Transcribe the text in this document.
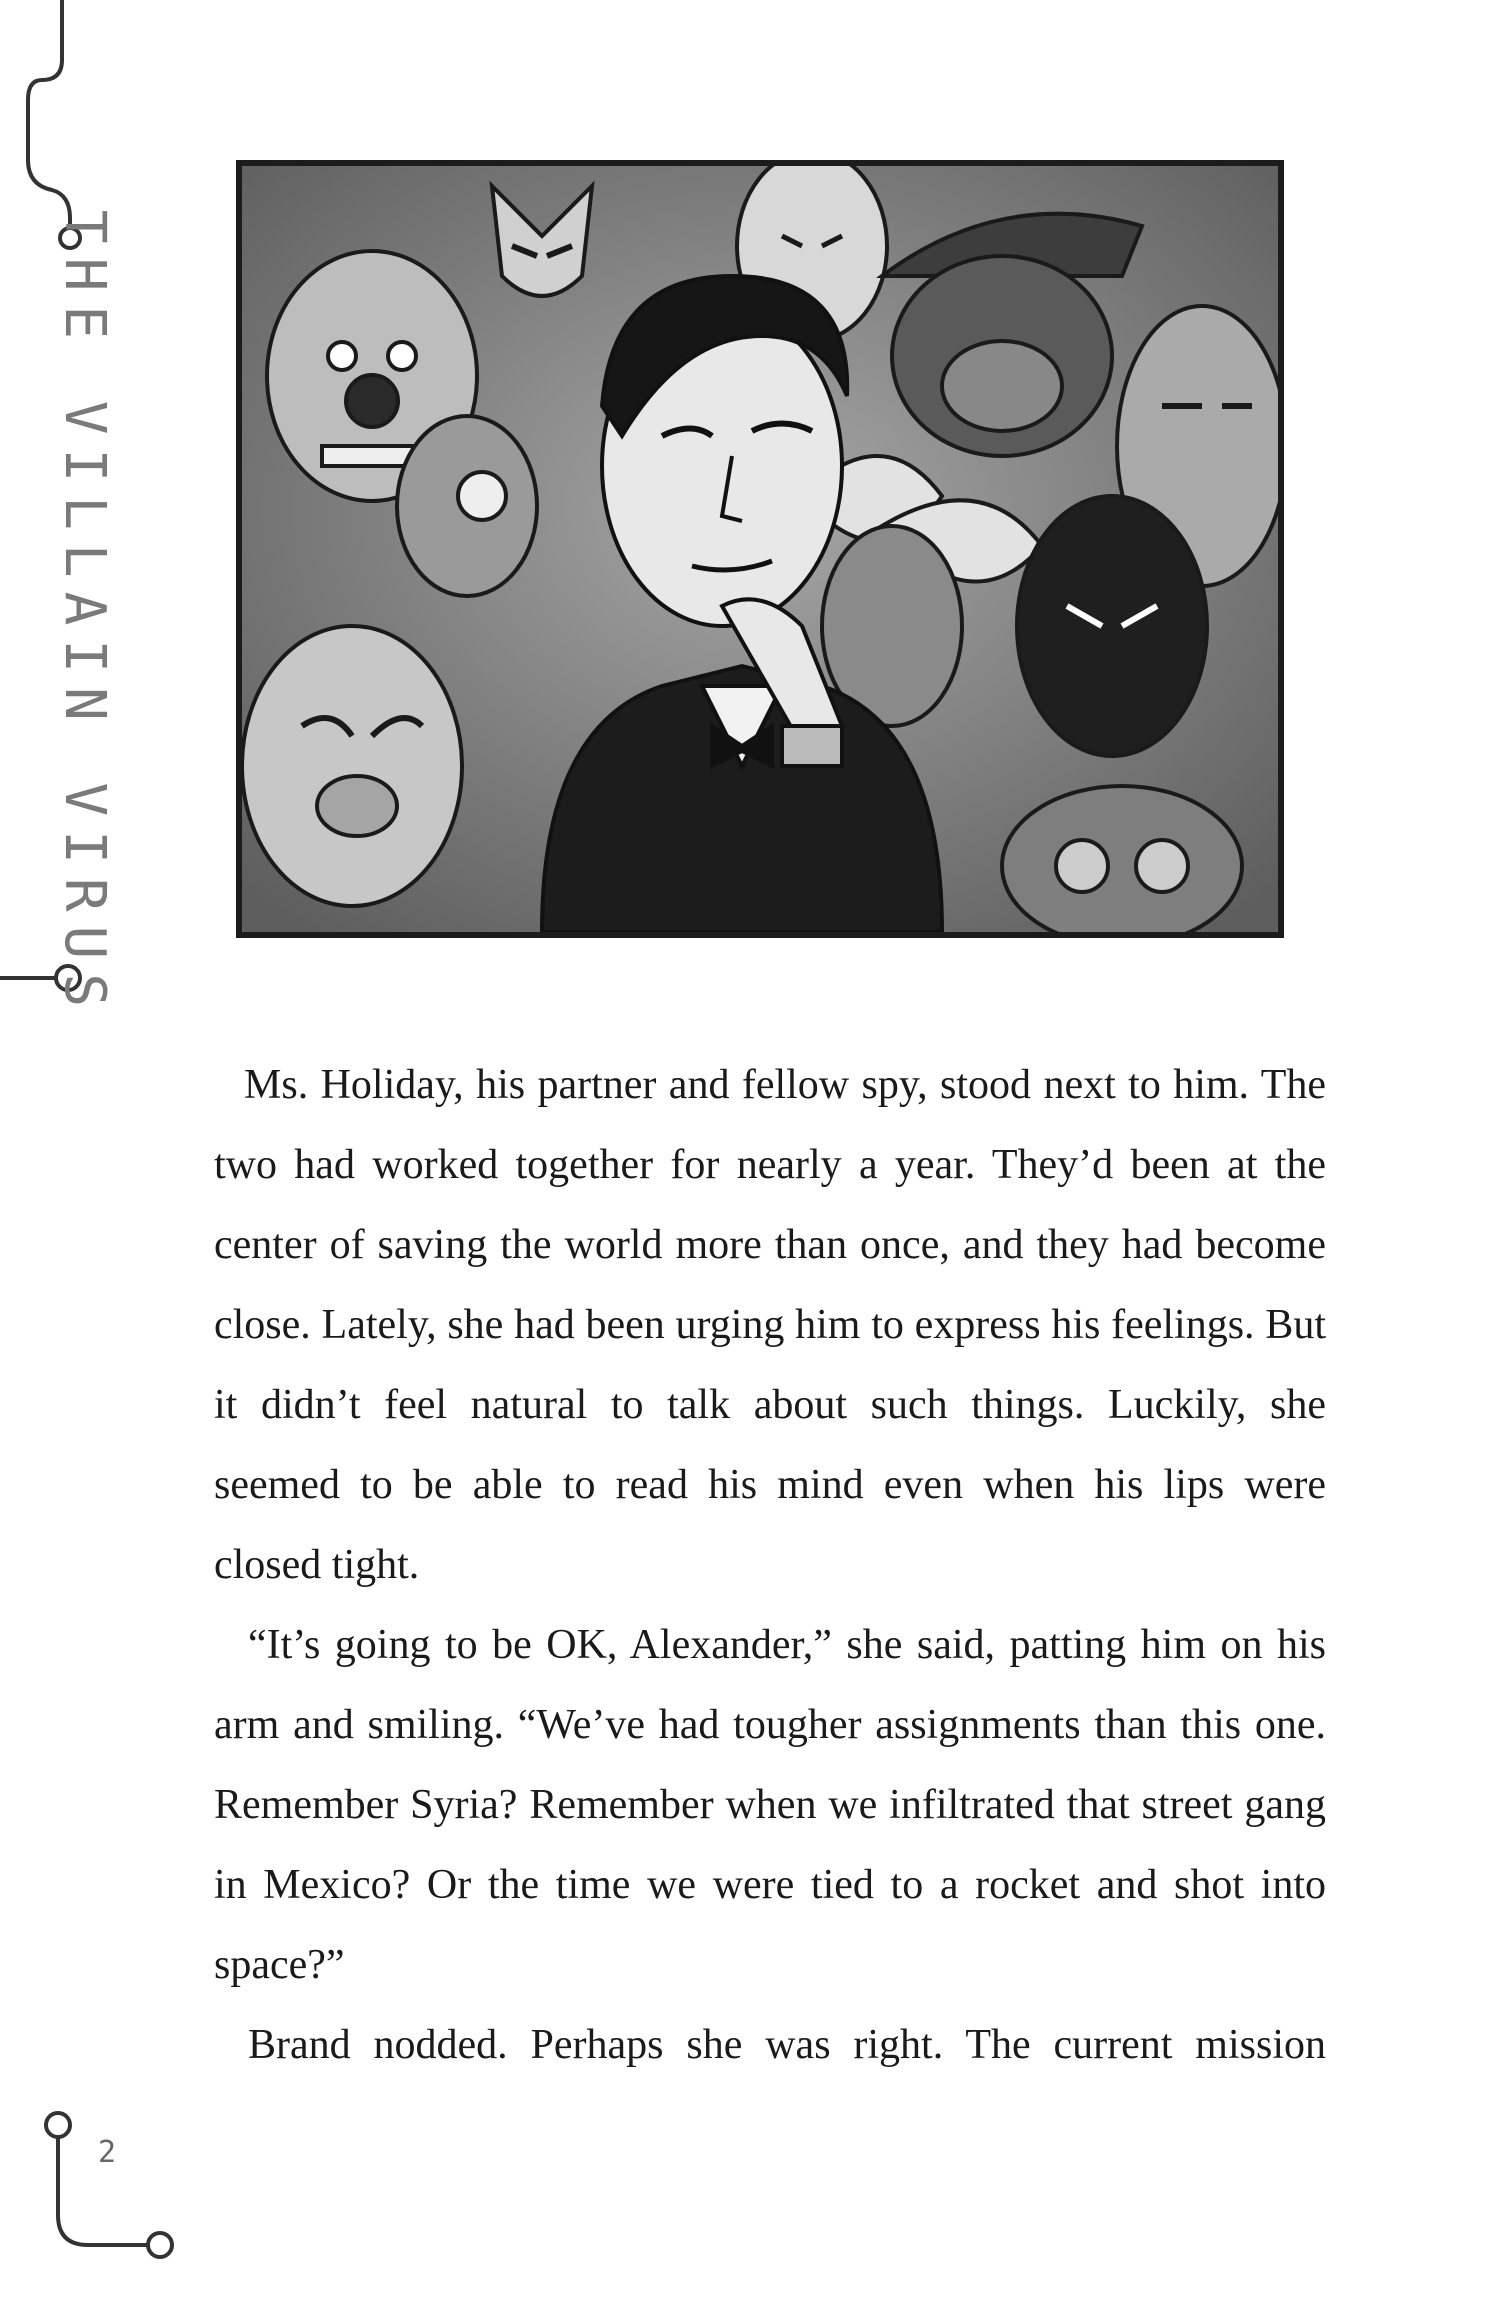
THE VILLAIN VIRUS

Ms. Holiday, his partner and fellow spy, stood next to him. The two had worked together for nearly a year. They’d been at the center of saving the world more than once, and they had become close. Lately, she had been urging him to express his feelings. But it didn’t feel natural to talk about such things. Luckily, she seemed to be able to read his mind even when his lips were closed tight.

“It’s going to be OK, Alexander,” she said, patting him on his arm and smiling. “We’ve had tougher assignments than this one. Remember Syria? Remember when we infiltrated that street gang in Mexico? Or the time we were tied to a rocket and shot into space?”

Brand nodded. Perhaps she was right. The current mission

2
